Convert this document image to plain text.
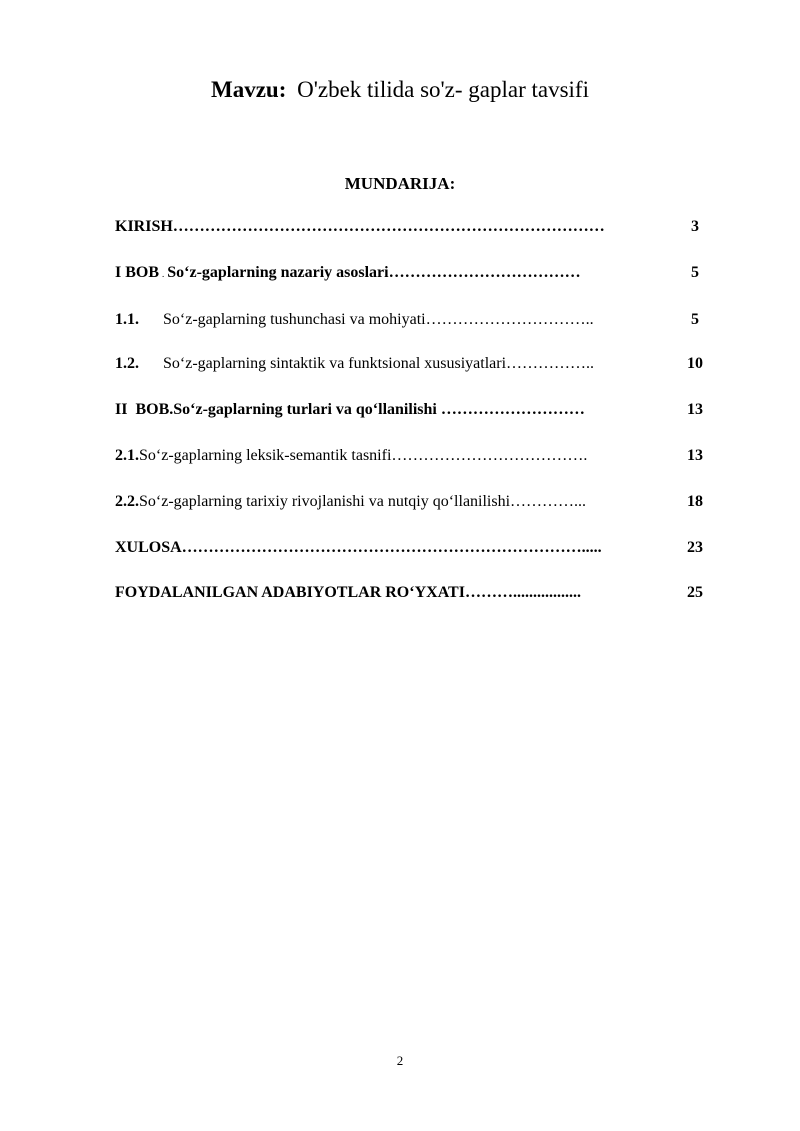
Mavzu: O'zbek tilida so'z- gaplar tavsifi
MUNDARIJA:
KIRISH………………………………………………………………………	3
I BOB . So‘z-gaplarning nazariy asoslari………………………………	5
1.1. So‘z-gaplarning tushunchasi va mohiyati…………………………..	5
1.2. So‘z-gaplarning sintaktik va funktsional xususiyatlari……………..	10
II  BOB.So‘z-gaplarning turlari va qo‘llanilishi ………………………	13
2.1.So‘z-gaplarning leksik-semantik tasnifi……………………………….	13
2.2.So‘z-gaplarning tarixiy rivojlanishi va nutqiy qo‘llanilishi…………...	18
XULOSA………………………………………………………………….....	23
FOYDALANILGAN ADABIYOTLAR RO‘YXATI……….................	25
2
